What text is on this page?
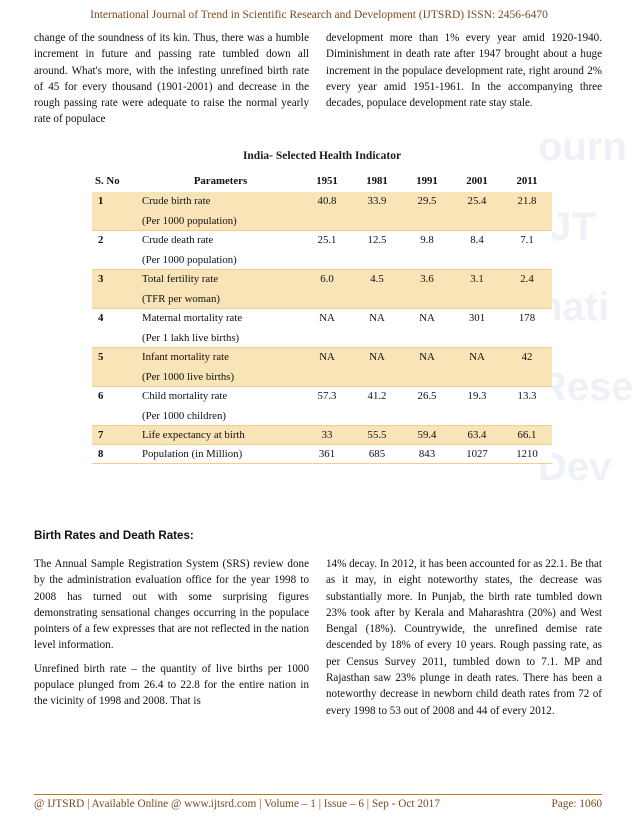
ourn
IJT
nati
Rese
Dev
International Journal of Trend in Scientific Research and Development (IJTSRD) ISSN: 2456-6470

change of the soundness of its kin. Thus, there was a humble increment in future and passing rate tumbled down all around. What's more, with the infesting unrefined birth rate of 45 for every thousand (1901-2001) and decrease in the rough passing rate were adequate to raise the normal yearly rate of populace

development more than 1% every year amid 1920-1940. Diminishment in death rate after 1947 brought about a huge increment in the populace development rate, right around 2% every year amid 1951-1961. In the accompanying three decades, populace development rate stay stale.

India- Selected Health Indicator
S. No	Parameters	1951	1981	1991	2001	2011
1	Crude birth rate
(Per 1000 population)	40.8	33.9	29.5	25.4	21.8
2	Crude death rate
(Per 1000 population)	25.1	12.5	9.8	8.4	7.1
3	Total fertility rate
(TFR per woman)	6.0	4.5	3.6	3.1	2.4
4	Maternal mortality rate
(Per 1 lakh live births)	NA	NA	NA	301	178
5	Infant mortality rate
(Per 1000 live births)	NA	NA	NA	NA	42
6	Child mortality rate
(Per 1000 children)	57.3	41.2	26.5	19.3	13.3
7	Life expectancy at birth	33	55.5	59.4	63.4	66.1
8	Population (in Million)	361	685	843	1027	1210
Birth Rates and Death Rates:

The Annual Sample Registration System (SRS) review done by the administration evaluation office for the year 1998 to 2008 has turned out with some surprising figures demonstrating sensational changes occurring in the populace pointers of a few expresses that are not reflected in the nation level information.

Unrefined birth rate – the quantity of live births per 1000 populace plunged from 26.4 to 22.8 for the entire nation in the vicinity of 1998 and 2008. That is

14% decay. In 2012, it has been accounted for as 22.1. Be that as it may, in eight noteworthy states, the decrease was substantially more. In Punjab, the birth rate tumbled down 23% took after by Kerala and Maharashtra (20%) and West Bengal (18%). Countrywide, the unrefined demise rate descended by 18% of every 10 years. Rough passing rate, as per Census Survey 2011, tumbled down to 7.1. MP and Rajasthan saw 23% plunge in death rates. There has been a noteworthy decrease in newborn child death rates from 72 of every 1998 to 53 out of 2008 and 44 of every 2012.

@ IJTSRD | Available Online @ www.ijtsrd.com | Volume – 1 | Issue – 6 | Sep - Oct 2017	Page: 1060
